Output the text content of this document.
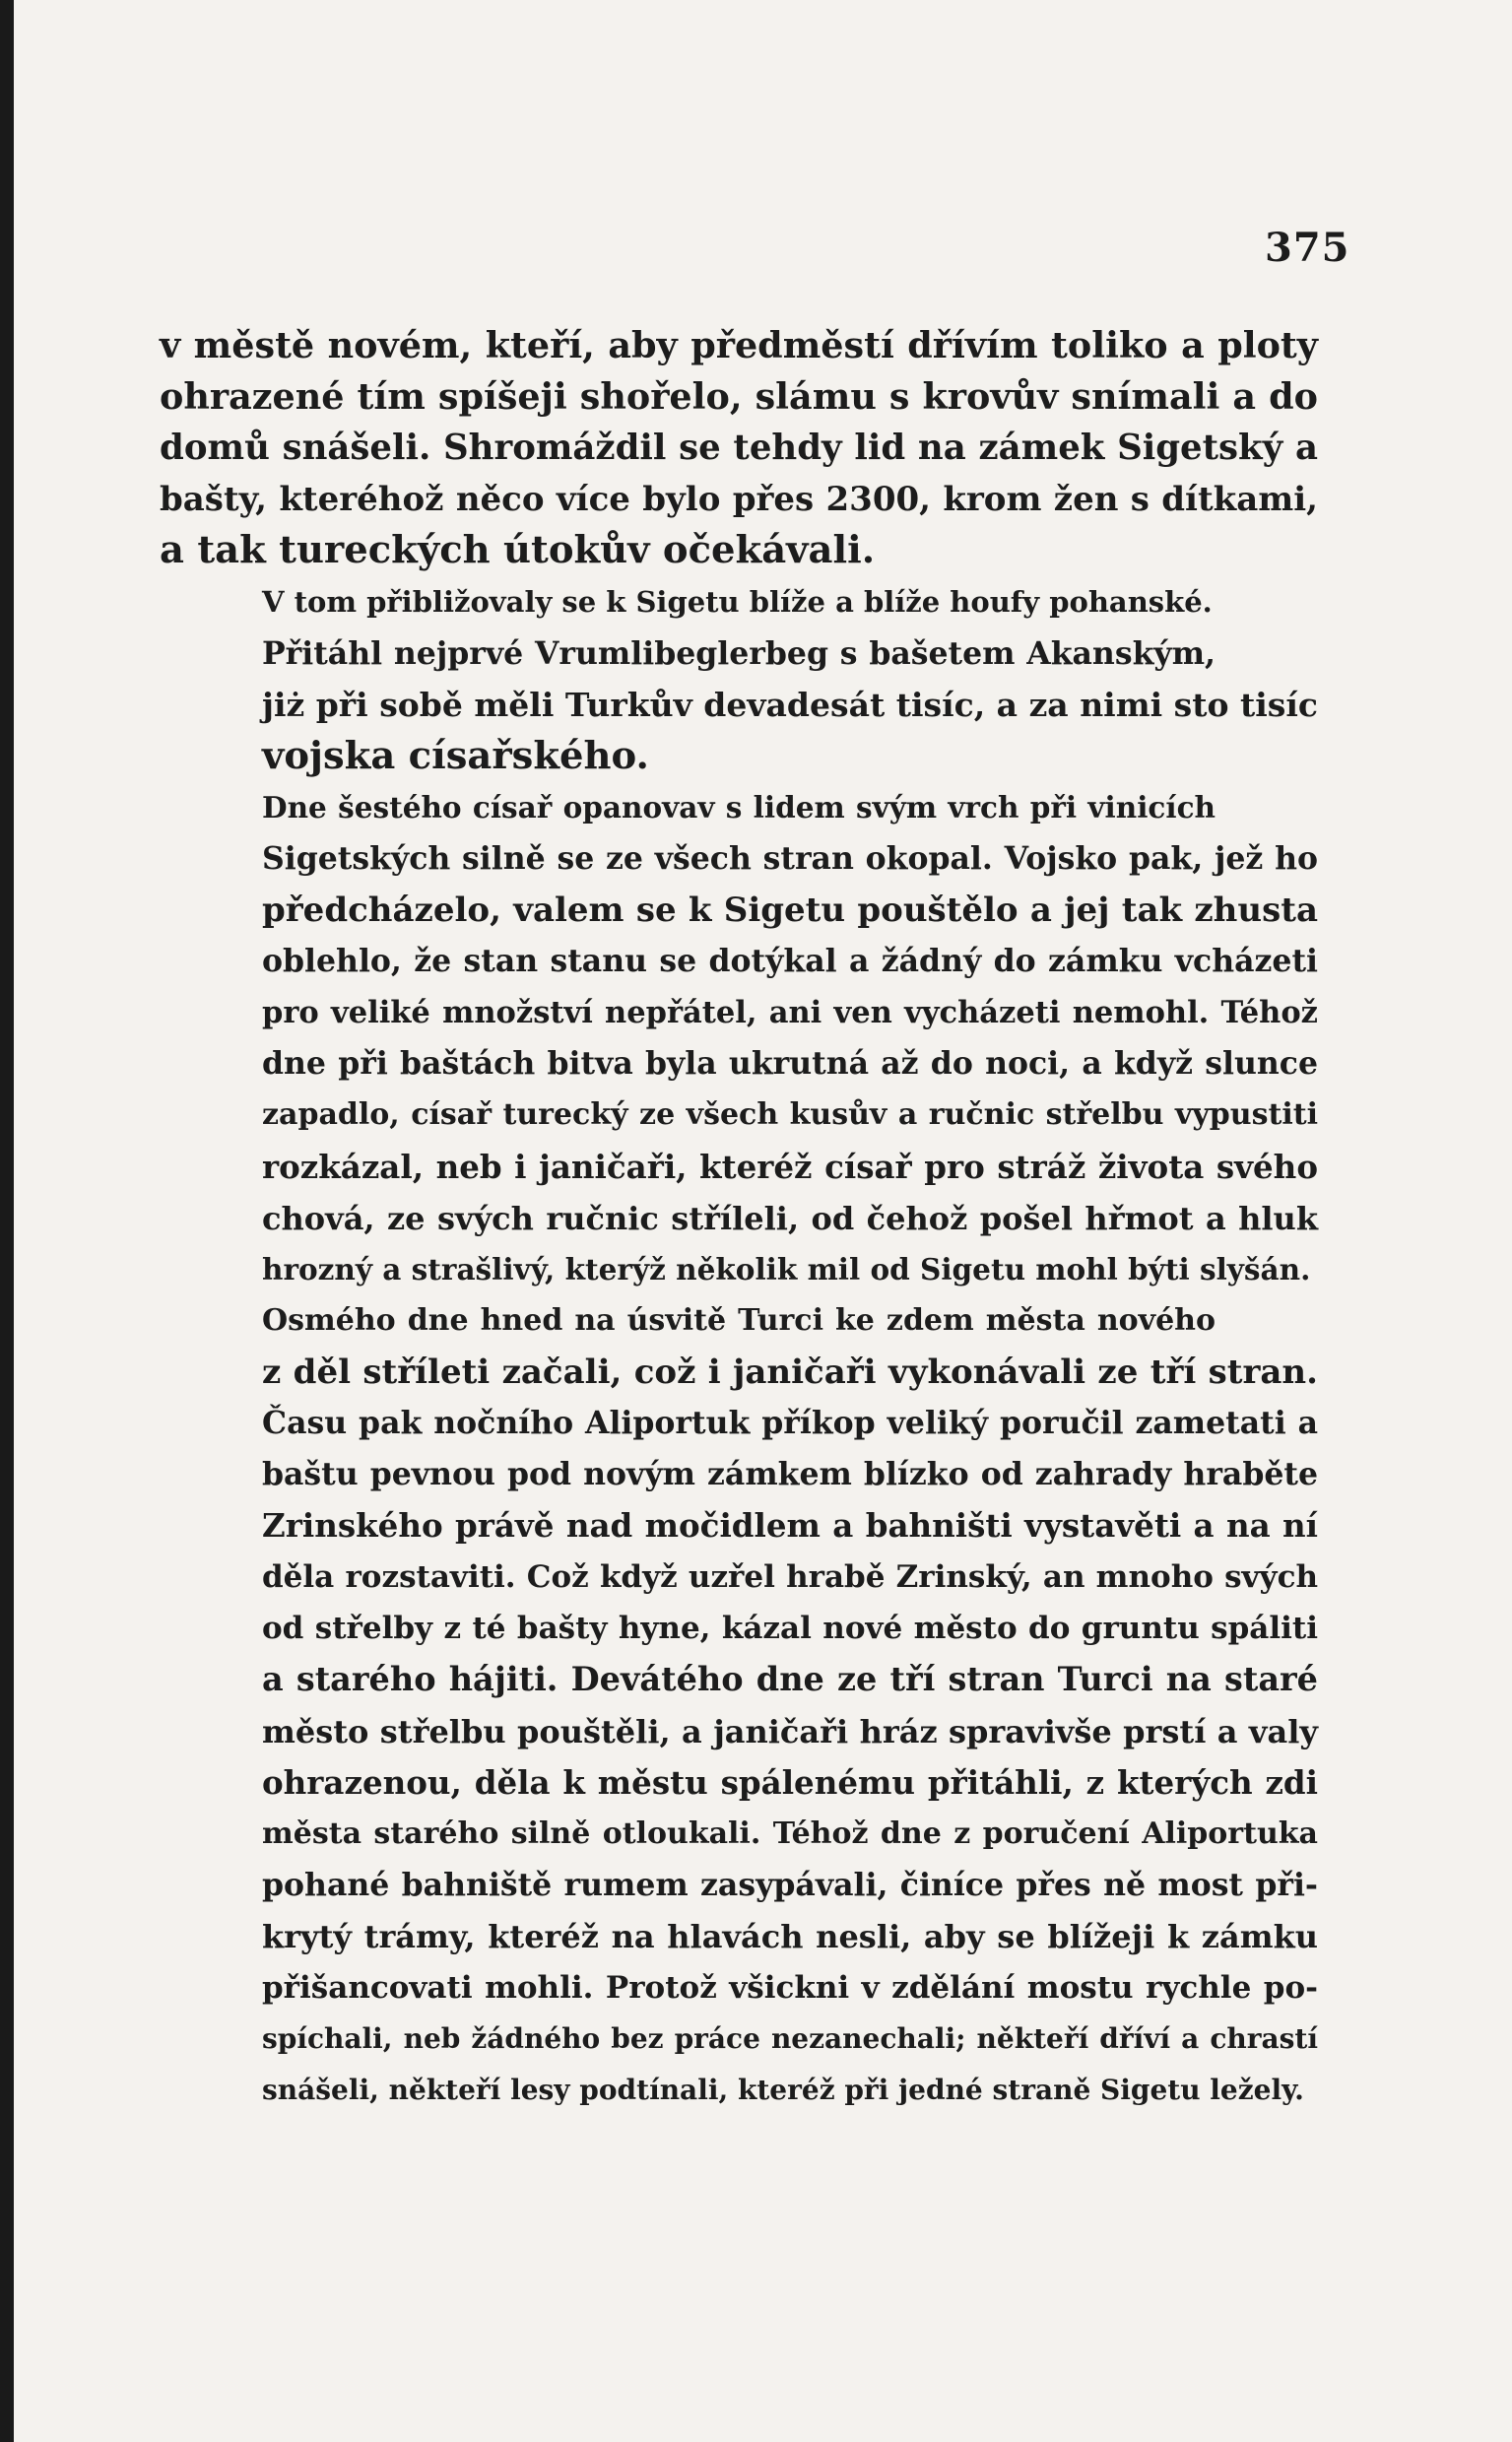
375

v městě novém, kteří, aby předměstí dřívím toliko a ploty
ohrazené tím spíšeji shořelo, slámu s krovův snímali a do
domů snášeli. Shromáždil se tehdy lid na zámek Sigetský a
bašty, kteréhož něco více bylo přes 2300, krom žen s dítkami,
a tak tureckých útokův očekávali.

V tom přibližovaly se k Sigetu blíže a blíže houfy pohanské.

Přitáhl nejprvé Vrumlibeglerbeg s bašetem Akanským,
jiż při sobě měli Turkův devadesát tisíc, a za nimi sto tisíc
vojska císařského.

Dne šestého císař opanovav s lidem svým vrch při vinicích
Sigetských silně se ze všech stran okopal. Vojsko pak, jež ho
předcházelo, valem se k Sigetu pouštělo a jej tak zhusta
oblehlo, že stan stanu se dotýkal a žádný do zámku vcházeti
pro veliké množství nepřátel, ani ven vycházeti nemohl. Téhož
dne při baštách bitva byla ukrutná až do noci, a když slunce
zapadlo, císař turecký ze všech kusův a ručnic střelbu vypustiti
rozkázal, neb i janičaři, kteréž císař pro stráž života svého
chová, ze svých ručnic stříleli, od čehož pošel hřmot a hluk
hrozný a strašlivý, kterýž několik mil od Sigetu mohl býti slyšán.

Osmého dne hned na úsvitě Turci ke zdem města nového
z děl stříleti začali, což i janičaři vykonávali ze tří stran.
Času pak nočního Aliportuk příkop veliký poručil zametati a
baštu pevnou pod novým zámkem blízko od zahrady hraběte
Zrinského právě nad močidlem a bahništi vystavěti a na ní
děla rozstaviti. Což když uzřel hrabě Zrinský, an mnoho svých
od střelby z té bašty hyne, kázal nové město do gruntu spáliti
a starého hájiti. Devátého dne ze tří stran Turci na staré
město střelbu pouštěli, a janičaři hráz spravivše prstí a valy
ohrazenou, děla k městu spálenému přitáhli, z kterých zdi
města starého silně otloukali. Téhož dne z poručení Aliportuka
pohané bahniště rumem zasypávali, činíce přes ně most při-
krytý trámy, kteréž na hlavách nesli, aby se blížeji k zámku
přišancovati mohli. Protož všickni v zdělání mostu rychle po-
spíchali, neb žádného bez práce nezanechali; někteří dříví a chrastí
snášeli, někteří lesy podtínali, kteréž při jedné straně Sigetu ležely.
